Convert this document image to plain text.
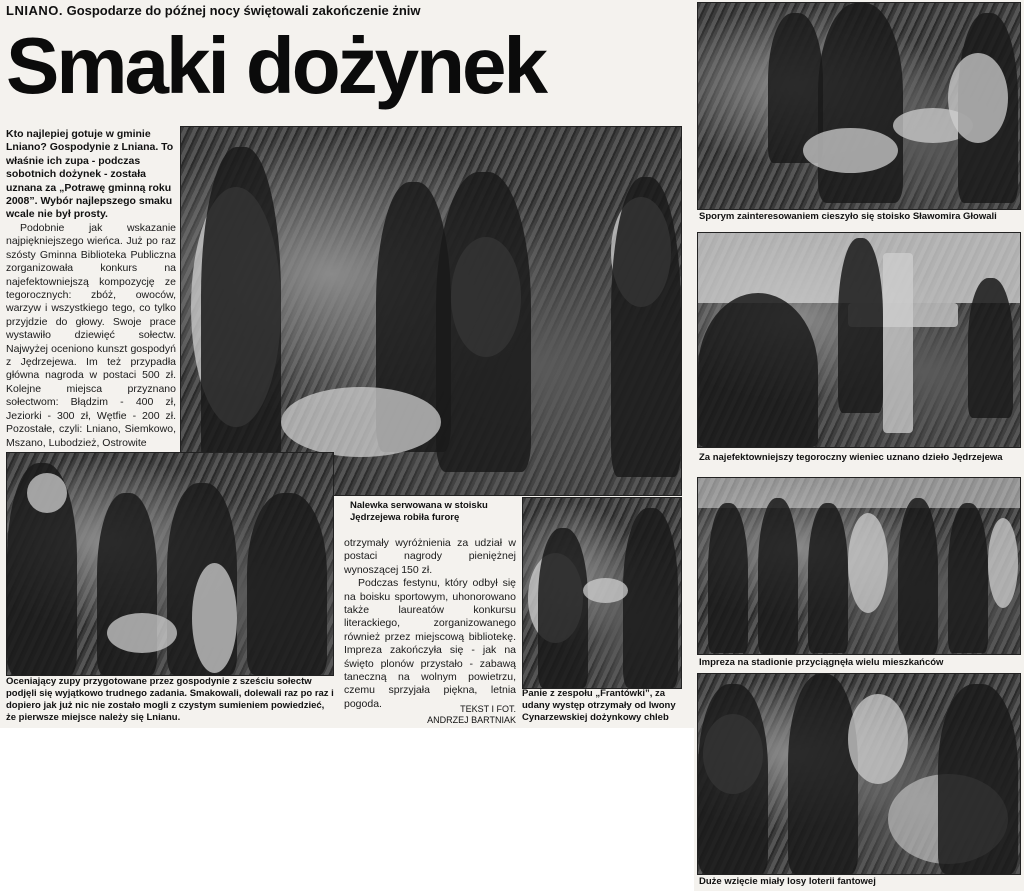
LNIANO. Gospodarze do późnej nocy świętowali zakończenie żniw
Smaki dożynek
Kto najlepiej gotuje w gminie Lniano? Gospodynie z Lniana. To właśnie ich zupa - podczas sobotnich dożynek - została uznana za „Potrawę gminną roku 2008”. Wybór najlepszego smaku wcale nie był prosty.

Podobnie jak wskazanie najpiękniejszego wieńca. Już po raz szósty Gminna Biblioteka Publiczna zorganizowała konkurs na najefektowniejszą kompozycję ze tegorocznych: zbóż, owoców, warzyw i wszystkiego tego, co tylko przyjdzie do głowy. Swoje prace wystawiło dziewięć sołectw. Najwyżej oceniono kunszt gospodyń z Jędrzejewa. Im też przypadła główna nagroda w postaci 500 zł. Kolejne miejsca przyznano sołectwom: Błądzim - 400 zł, Jeziorki - 300 zł, Wętfie - 200 zł. Pozostałe, czyli: Lniano, Siemkowo, Mszano, Lubodzież, Ostrowite

Oceniający zupy przygotowane przez gospodynie z sześciu sołectw podjęli się wyjątkowo trudnego zadania. Smakowali, dolewali raz po raz i dopiero jak już nic nie zostało mogli z czystym sumieniem powiedzieć, że pierwsze miejsce należy się Lnianu.
Nalewka serwowana w stoisku Jędrzejewa robiła furorę

otrzymały wyróżnienia za udział w postaci nagrody pieniężnej wynoszącej 150 zł.

Podczas festynu, który odbył się na boisku sportowym, uhonorowano także laureatów konkursu literackiego, zorganizowanego również przez miejscową bibliotekę. Impreza zakończyła się - jak na święto plonów przystało - zabawą taneczną na wolnym powietrzu, czemu sprzyjała piękna, letnia pogoda.	TEKST I FOT.
ANDRZEJ BARTNIAK
Panie z zespołu „Frantówki”, za udany występ otrzymały od Iwony Cynarzewskiej dożynkowy chleb
Sporym zainteresowaniem cieszyło się stoisko Sławomira Głowali
Za najefektowniejszy tegoroczny wieniec uznano dzieło Jędrzejewa
Impreza na stadionie przyciągnęła wielu mieszkańców
Duże wzięcie miały losy loterii fantowej
